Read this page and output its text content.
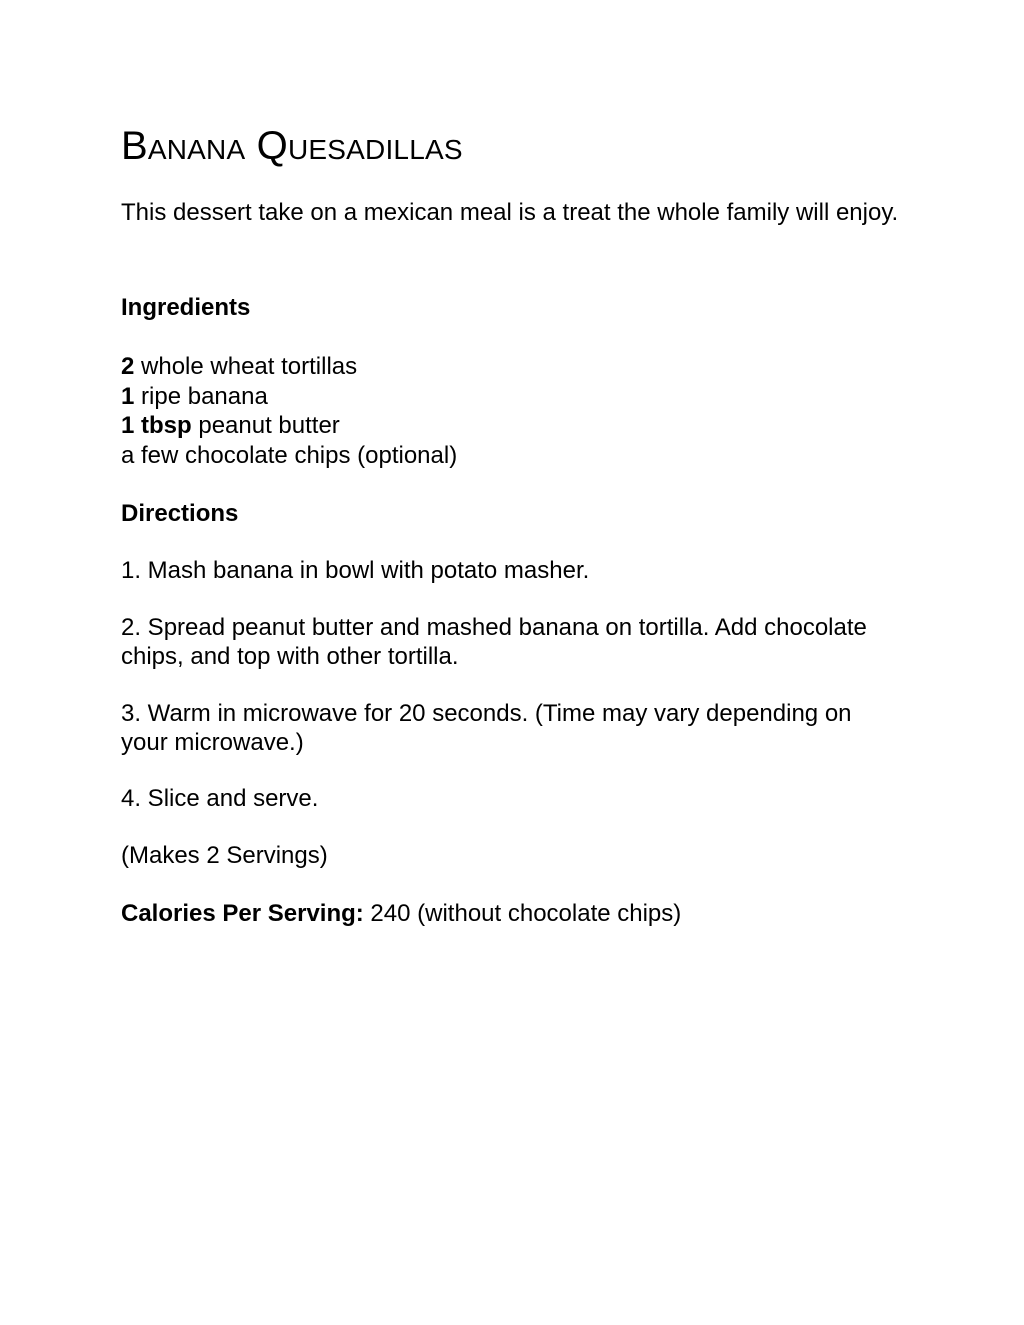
Banana Quesadillas

This dessert take on a mexican meal is a treat the whole family will enjoy.

Ingredients
2 whole wheat tortillas
1 ripe banana
1 tbsp peanut butter
a few chocolate chips (optional)
Directions

1. Mash banana in bowl with potato masher.

2. Spread peanut butter and mashed banana on tortilla. Add chocolate chips, and top with other tortilla.

3. Warm in microwave for 20 seconds. (Time may vary depending on your microwave.)

4. Slice and serve.

(Makes 2 Servings)

Calories Per Serving: 240 (without chocolate chips)
